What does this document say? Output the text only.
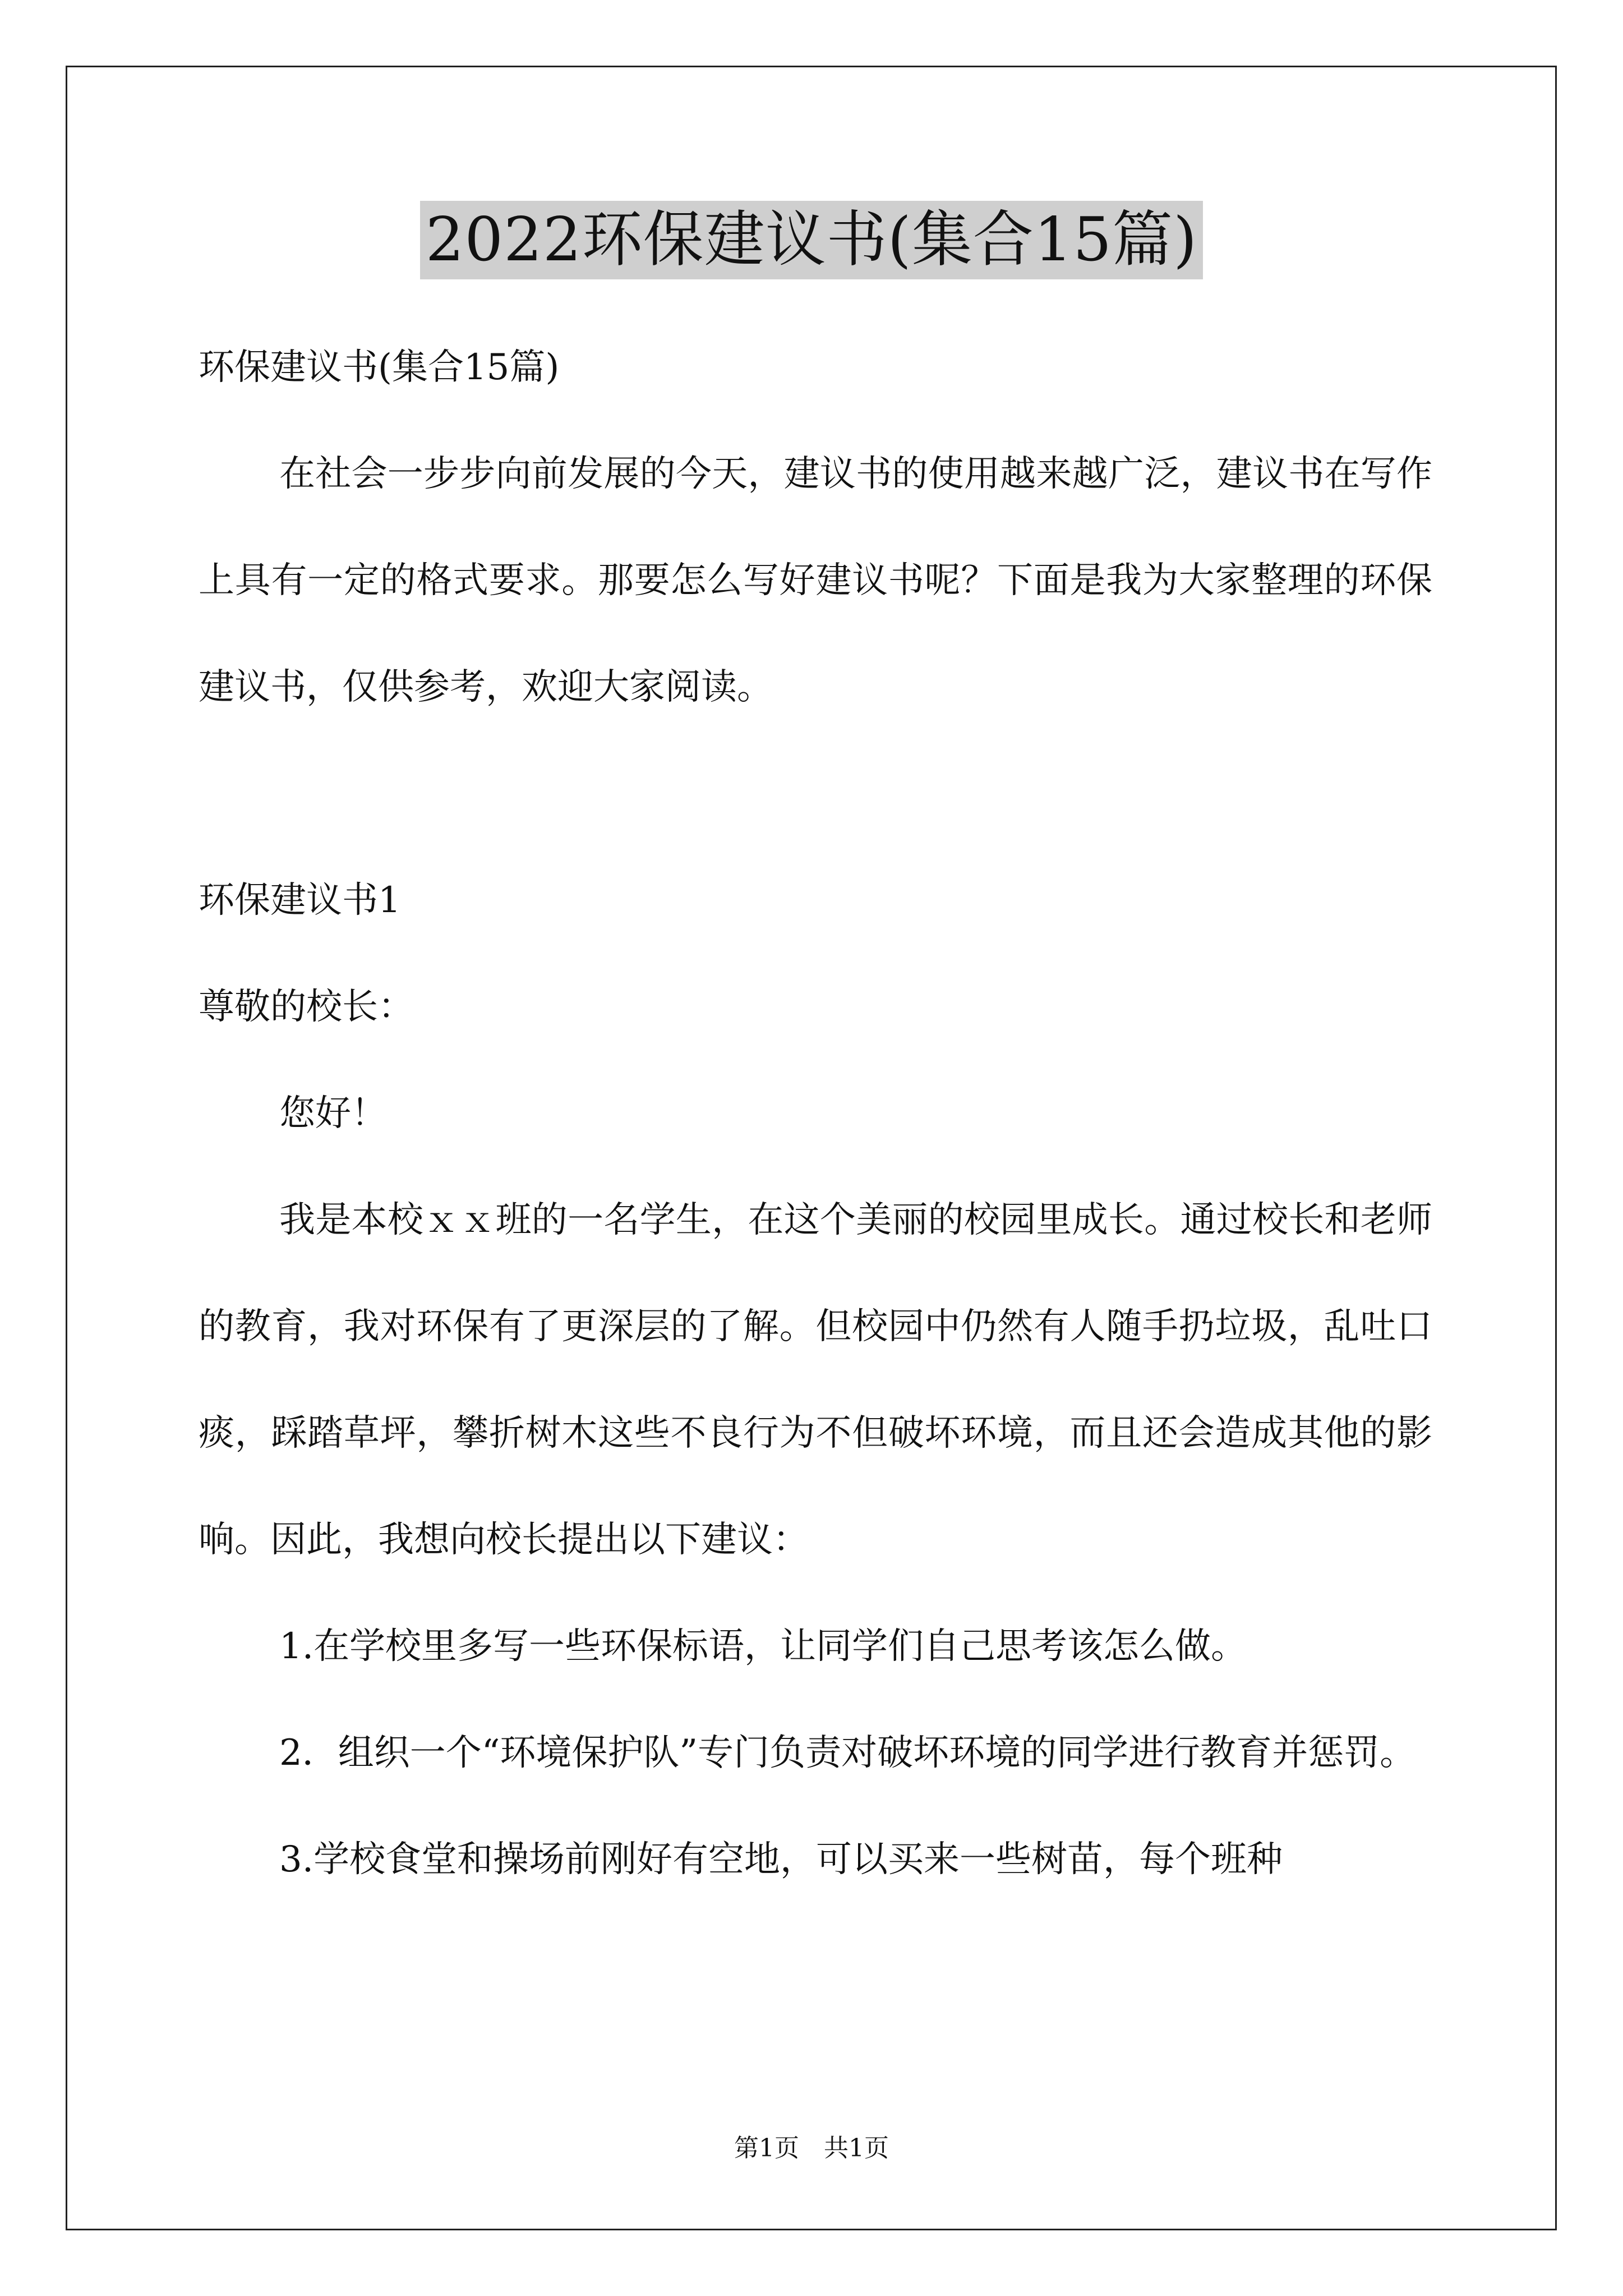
2022环保建议书(集合15篇)

环保建议书(集合15篇)

在社会一步步向前发展的今天，建议书的使用越来越广泛，建议书在写作上具有一定的格式要求。那要怎么写好建议书呢？下面是我为大家整理的环保建议书，仅供参考，欢迎大家阅读。

环保建议书1

尊敬的校长：

您好！

我是本校ｘｘ班的一名学生，在这个美丽的校园里成长。通过校长和老师的教育，我对环保有了更深层的了解。但校园中仍然有人随手扔垃圾，乱吐口痰，踩踏草坪，攀折树木这些不良行为不但破坏环境，而且还会造成其他的影响。因此，我想向校长提出以下建议：

1.在学校里多写一些环保标语，让同学们自己思考该怎么做。

2．组织一个“环境保护队”专门负责对破坏环境的同学进行教育并惩罚。

3.学校食堂和操场前刚好有空地，可以买来一些树苗，每个班种

第1页　共1页
